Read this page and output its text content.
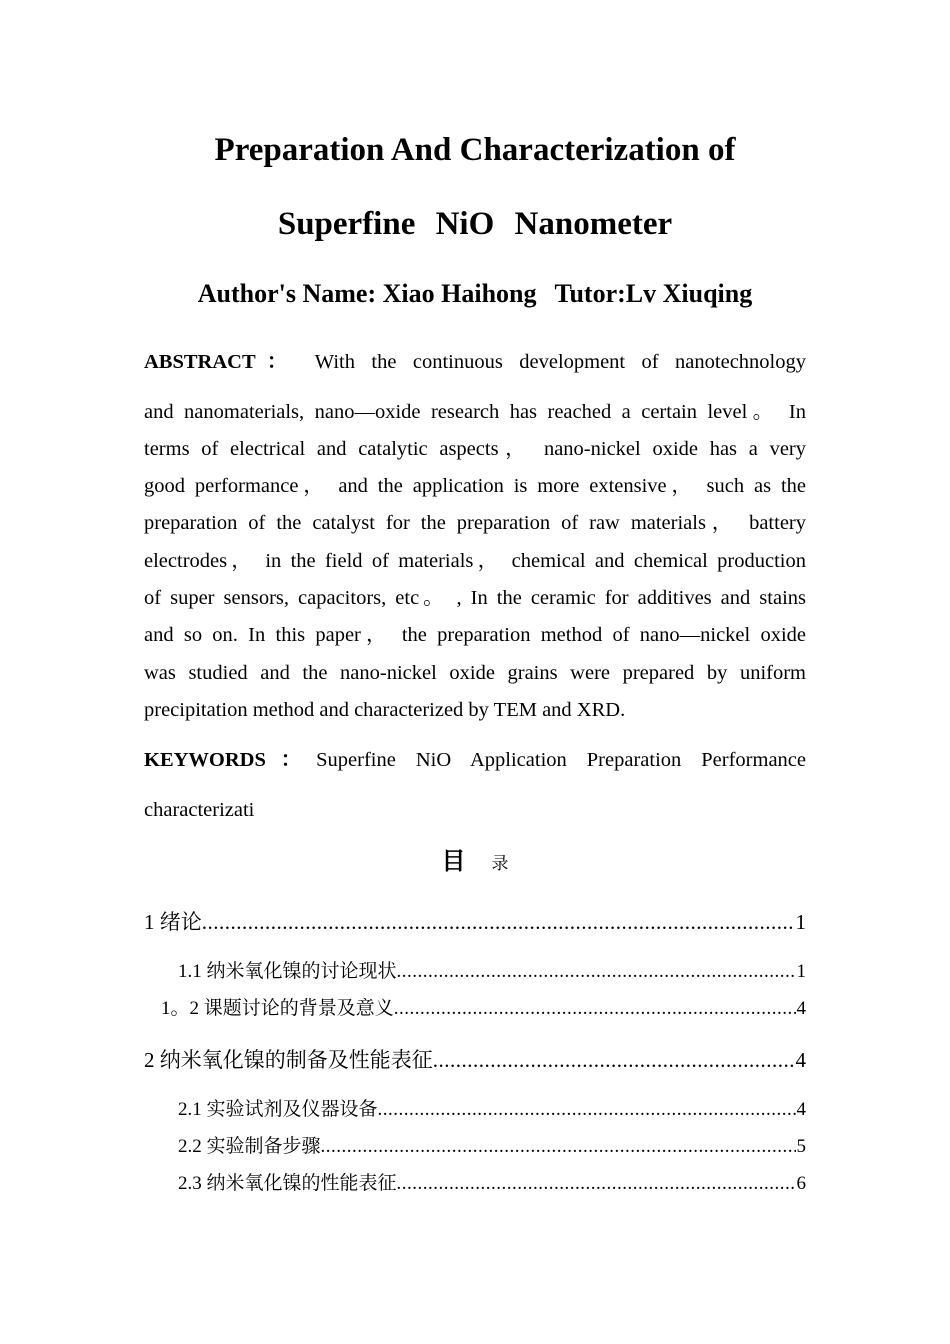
Preparation And Characterization of
Superfine NiO Nanometer
Author's Name: Xiao Haihong Tutor:Lv Xiuqing
ABSTRACT： With the continuous development of nanotechnology
and nanomaterials, nano—oxide research has reached a certain level。 In
terms of electrical and catalytic aspects， nano-nickel oxide has a very
good performance， and the application is more extensive， such as the
preparation of the catalyst for the preparation of raw materials， battery
electrodes， in the field of materials， chemical and chemical production
of super sensors, capacitors, etc。 , In the ceramic for additives and stains
and so on. In this paper， the preparation method of nano—nickel oxide
was studied and the nano-nickel oxide grains were prepared by uniform
precipitation method and characterized by TEM and XRD.
KEYWORDS：Superfine NiO Application Preparation Performance
characterizati
目 录
1 绪论 .....	1
1.1 纳米氧化镍的讨论现状 .....	1
1。2 课题讨论的背景及意义 .....	4
2 纳米氧化镍的制备及性能表征 .....	4
2.1 实验试剂及仪器设备 .....	4
2.2 实验制备步骤 .....	5
2.3 纳米氧化镍的性能表征 .....	6
